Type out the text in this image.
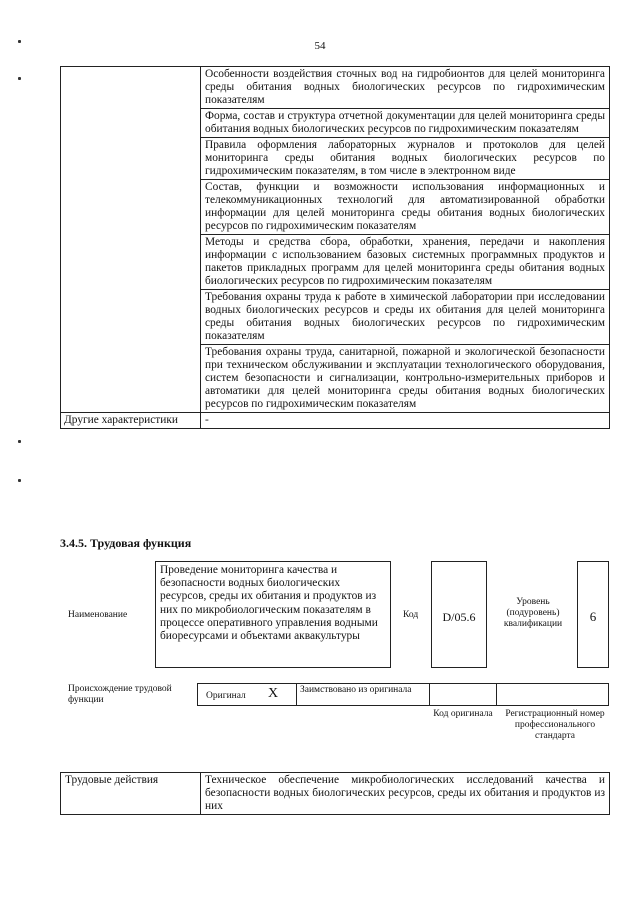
54
	Особенности воздействия сточных вод на гидробионтов для целей мониторинга среды обитания водных биологических ресурсов по гидрохимическим показателям
	Форма, состав и структура отчетной документации для целей мониторинга среды обитания водных биологических ресурсов по гидрохимическим показателям
	Правила оформления лабораторных журналов и протоколов для целей мониторинга среды обитания водных биологических ресурсов по гидрохимическим показателям, в том числе в электронном виде
	Состав, функции и возможности использования информационных и телекоммуникационных технологий для автоматизированной обработки информации для целей мониторинга среды обитания водных биологических ресурсов по гидрохимическим показателям
	Методы и средства сбора, обработки, хранения, передачи и накопления информации с использованием базовых системных программных продуктов и пакетов прикладных программ для целей мониторинга среды обитания водных биологических ресурсов по гидрохимическим показателям
	Требования охраны труда к работе в химической лаборатории при исследовании водных биологических ресурсов и среды их обитания для целей мониторинга среды обитания водных биологических ресурсов по гидрохимическим показателям
	Требования охраны труда, санитарной, пожарной и экологической безопасности при техническом обслуживании и эксплуатации технологического оборудования, систем безопасности и сигнализации, контрольно-измерительных приборов и автоматики для целей мониторинга среды обитания водных биологических ресурсов по гидрохимическим показателям
Другие характеристики	-
3.4.5. Трудовая функция
Наименование
Проведение мониторинга качества и безопасности водных биологических ресурсов, среды их обитания и продуктов из них по микробиологическим показателям в процессе оперативного управления водными биоресурсами и объектами аквакультуры
Код	D/05.6
Уровень (подуровень) квалификации	6
Происхождение трудовой функции	Оригинал X Заимствовано из оригинала
Код оригинала	Регистрационный номер профессионального стандарта
Трудовые действия	Техническое обеспечение микробиологических исследований качества и безопасности водных биологических ресурсов, среды их обитания и продуктов из них
